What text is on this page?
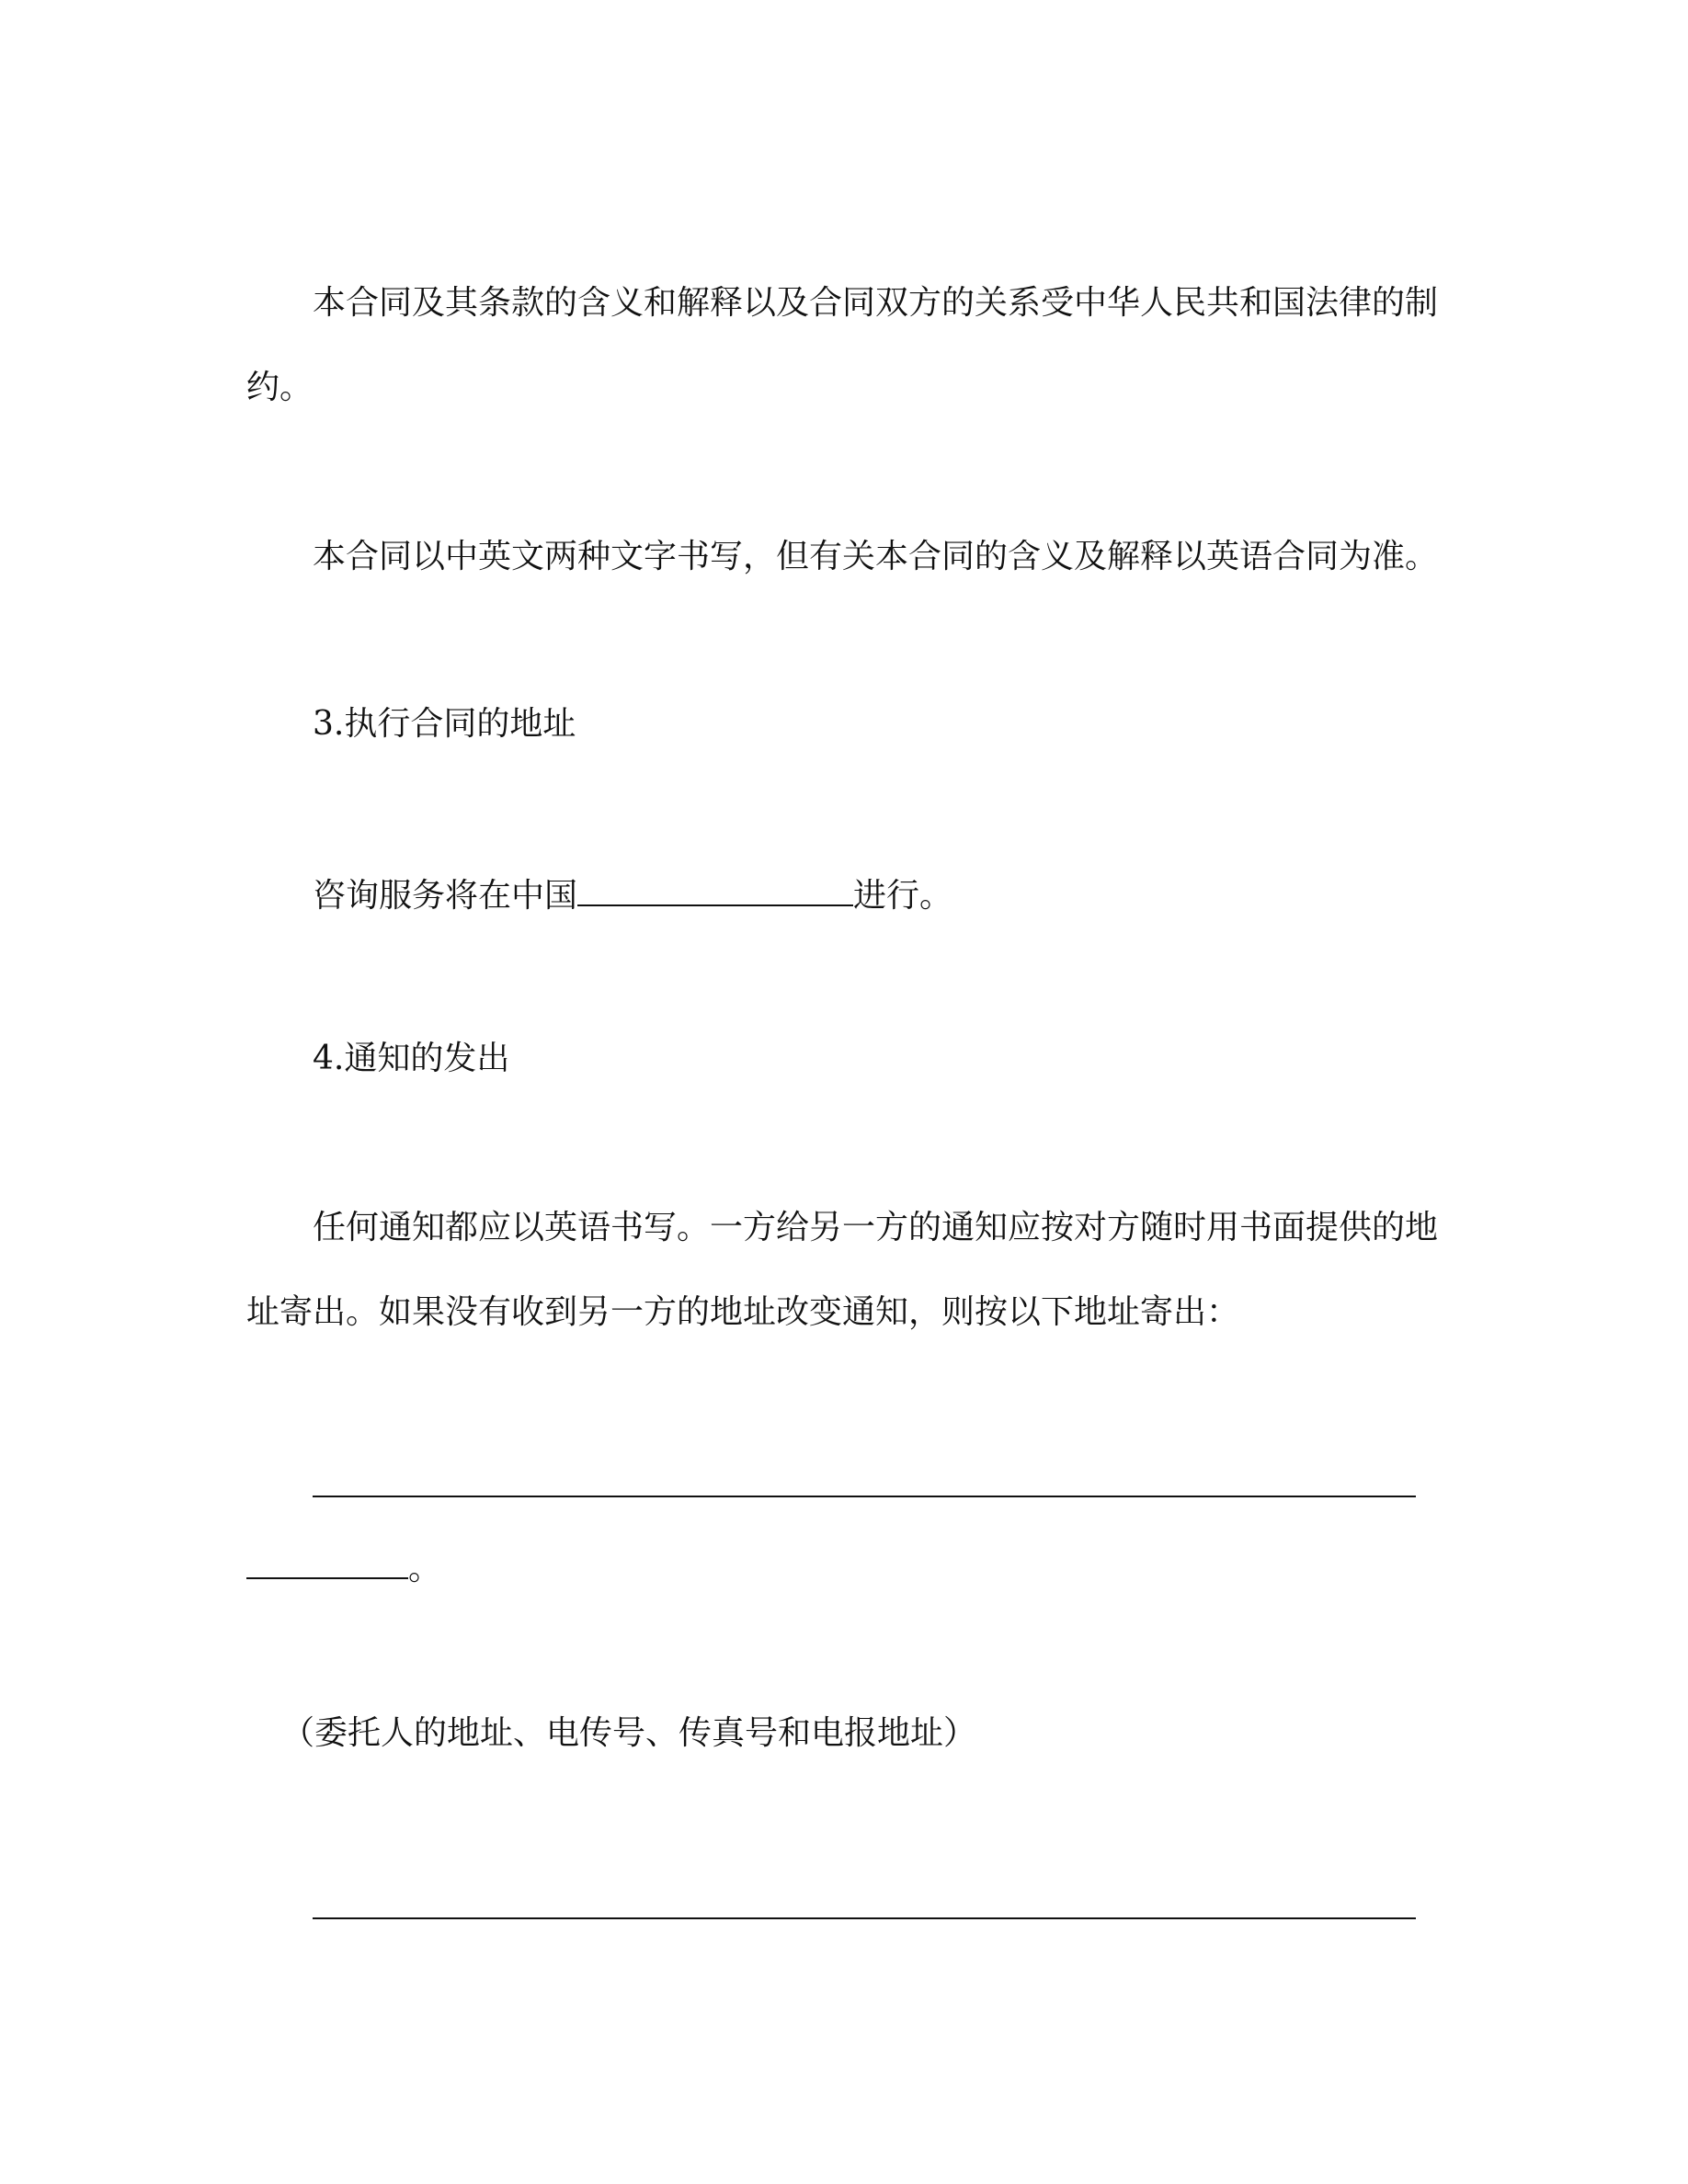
本合同及其条款的含义和解释以及合同双方的关系受中华人民共和国法律的制
约。
本合同以中英文两种文字书写，但有关本合同的含义及解释以英语合同为准。
3.执行合同的地址
咨询服务将在中国	进行。
4.通知的发出
任何通知都应以英语书写。一方给另一方的通知应按对方随时用书面提供的地
址寄出。如果没有收到另一方的地址改变通知，则按以下地址寄出：
。
（委托人的地址、电传号、传真号和电报地址）
